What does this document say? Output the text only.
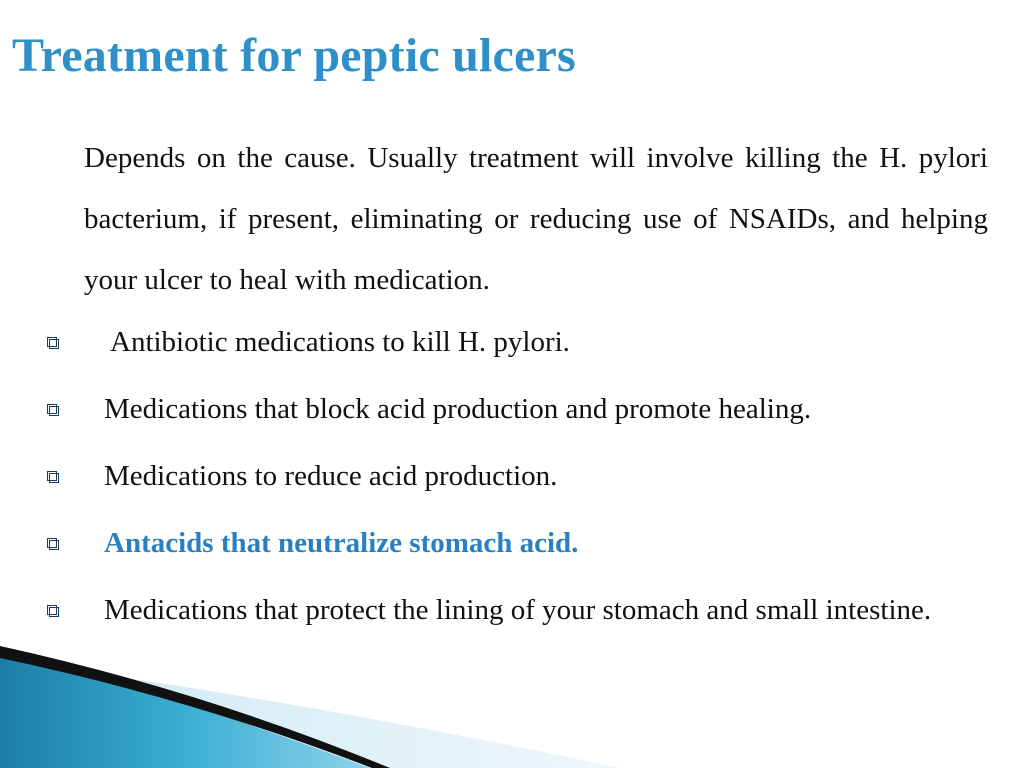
Treatment for peptic ulcers

Depends on the cause. Usually treatment will involve killing the H. pylori bacterium, if present, eliminating or reducing use of NSAIDs, and helping your ulcer to heal with medication.

Antibiotic medications to kill H. pylori.

Medications that block acid production and promote healing.

Medications to reduce acid production.

Antacids that neutralize stomach acid.

Medications that protect the lining of your stomach and small intestine.
